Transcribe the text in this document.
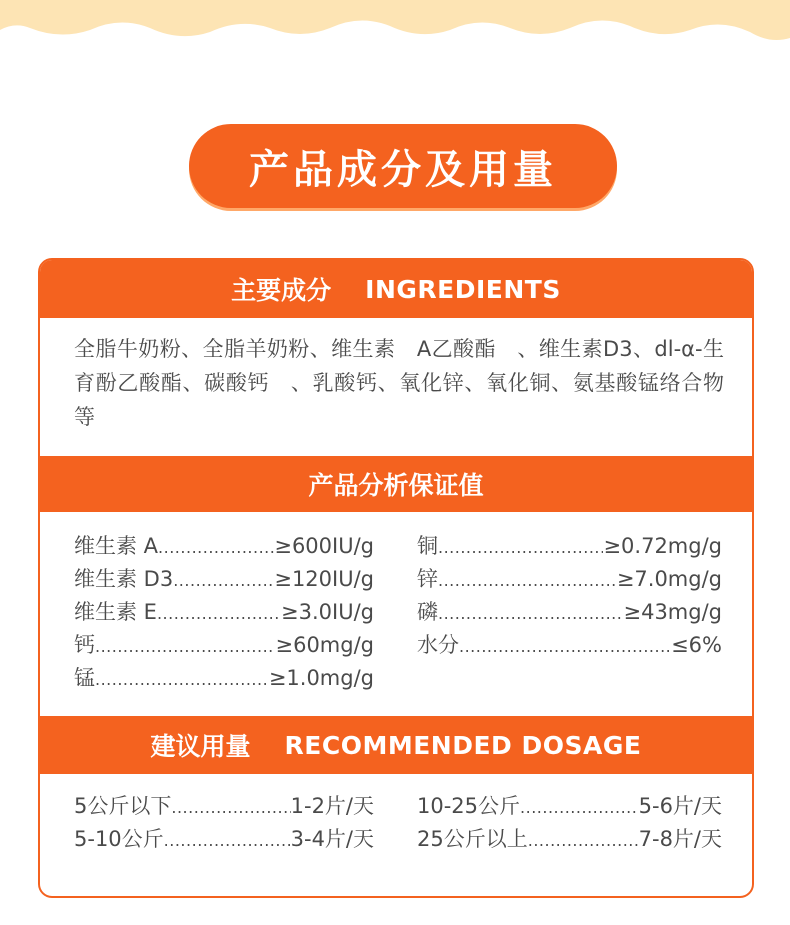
产品成分及用量
主要成分 INGREDIENTS

全脂牛奶粉、全脂羊奶粉、维生素　A乙酸酯　、维生素D3、dl-α-生育酚乙酸酯、碳酸钙　、乳酸钙、氧化锌、氧化铜、氨基酸锰络合物等

产品分析保证值
维生素 A .....	≥600IU/g
维生素 D3 .....	≥120IU/g
维生素 E .....	≥3.0IU/g
钙 .....	≥60mg/g
锰 .....	≥1.0mg/g
铜 .....	≥0.72mg/g
锌 .....	≥7.0mg/g
磷 .....	≥43mg/g
水分 .....	≤6%
建议用量 RECOMMENDED DOSAGE
5公斤以下 .....	1-2片/天
5-10公斤 .....	3-4片/天
10-25公斤 .....	5-6片/天
25公斤以上 .....	7-8片/天
